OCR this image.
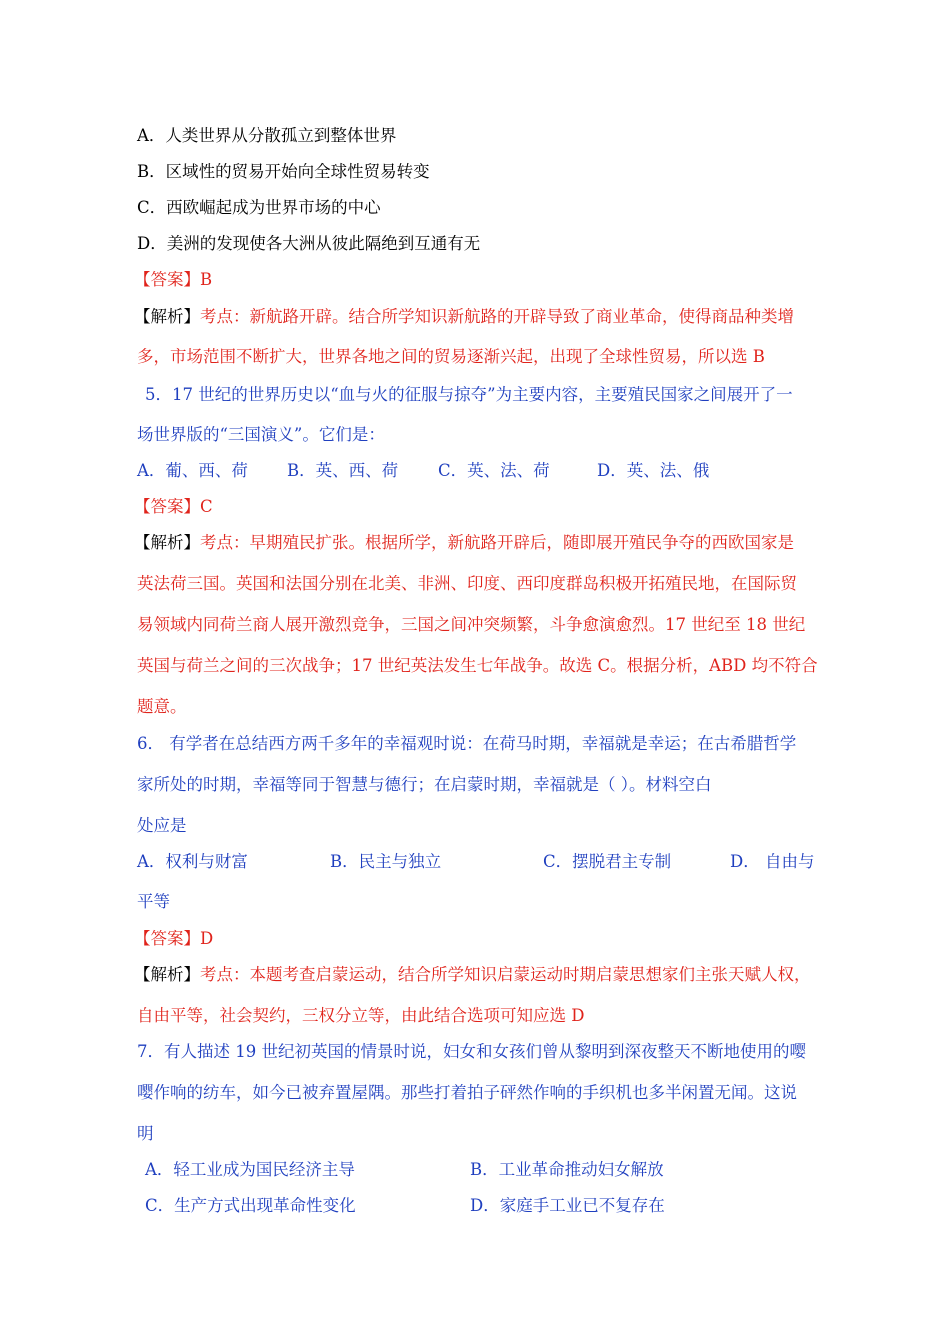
A．人类世界从分散孤立到整体世界
B．区域性的贸易开始向全球性贸易转变
C．西欧崛起成为世界市场的中心
D．美洲的发现使各大洲从彼此隔绝到互通有无
【答案】B
【解析】考点：新航路开辟。结合所学知识新航路的开辟导致了商业革命，使得商品种类增
多，市场范围不断扩大，世界各地之间的贸易逐渐兴起，出现了全球性贸易，所以选 B
5．17 世纪的世界历史以“血与火的征服与掠夺”为主要内容，主要殖民国家之间展开了一
场世界版的“三国演义”。它们是：
A．葡、西、荷 B．英、西、荷 C．英、法、荷	D．英、法、俄
【答案】C
【解析】考点：早期殖民扩张。根据所学，新航路开辟后，随即展开殖民争夺的西欧国家是
英法荷三国。英国和法国分别在北美、非洲、印度、西印度群岛积极开拓殖民地，在国际贸
易领域内同荷兰商人展开激烈竞争，三国之间冲突频繁，斗争愈演愈烈。17 世纪至 18 世纪
英国与荷兰之间的三次战争；17 世纪英法发生七年战争。故选 C。根据分析，ABD 均不符合
题意。
6． 有学者在总结西方两千多年的幸福观时说：在荷马时期，幸福就是幸运；在古希腊哲学
家所处的时期，幸福等同于智慧与德行；在启蒙时期，幸福就是（ ）。材料空白
处应是
A．权利与财富	B．民主与独立	C．摆脱君主专制	D． 自由与
平等
【答案】D
【解析】考点：本题考查启蒙运动，结合所学知识启蒙运动时期启蒙思想家们主张天赋人权，
自由平等，社会契约，三权分立等，由此结合选项可知应选 D
7．有人描述 19 世纪初英国的情景时说，妇女和女孩们曾从黎明到深夜整天不断地使用的嘤
嘤作响的纺车，如今已被弃置屋隅。那些打着拍子砰然作响的手织机也多半闲置无闻。这说
明
A．轻工业成为国民经济主导	B．工业革命推动妇女解放
C．生产方式出现革命性变化	D．家庭手工业已不复存在
